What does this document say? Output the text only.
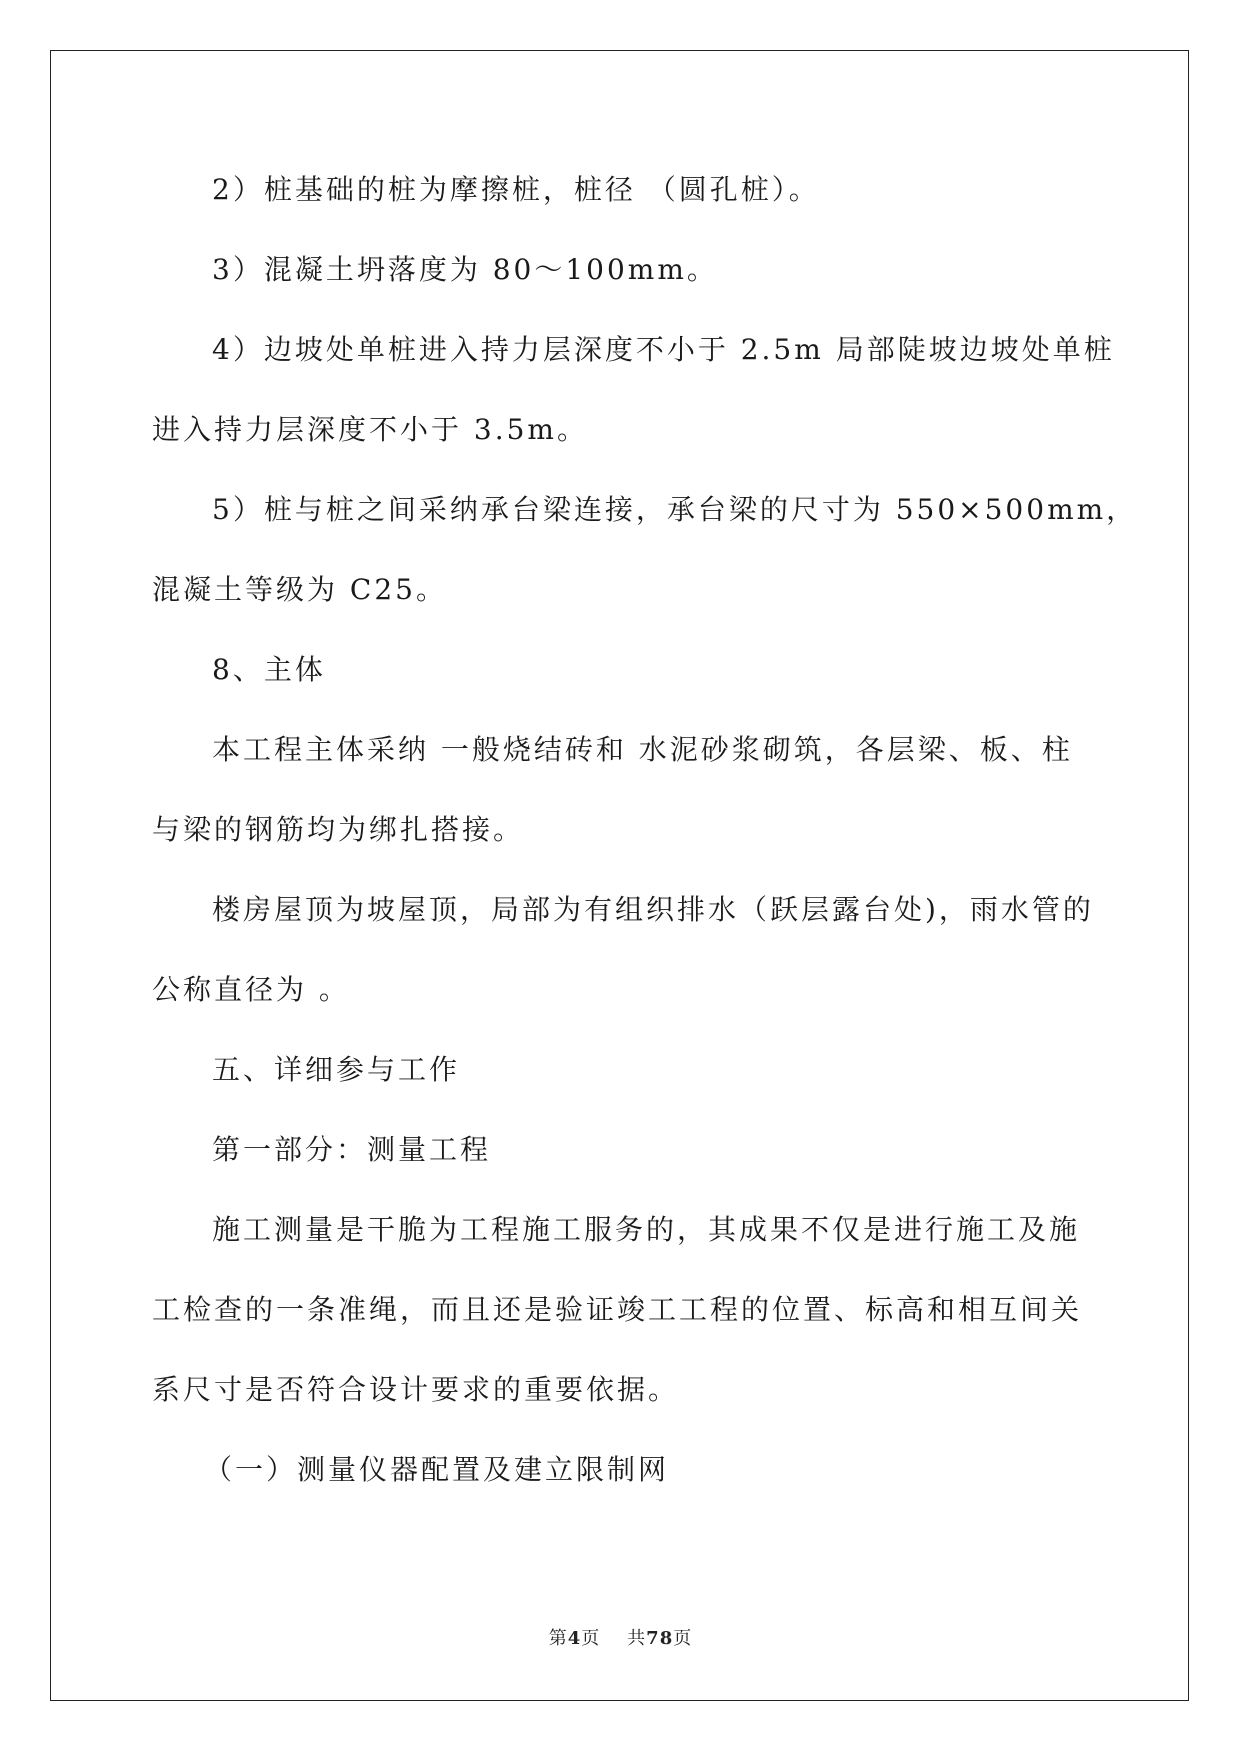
2）桩基础的桩为摩擦桩，桩径 （圆孔桩）。

3）混凝土坍落度为 80～100mm。

4）边坡处单桩进入持力层深度不小于 2.5m 局部陡坡边坡处单桩

进入持力层深度不小于 3.5m。

5）桩与桩之间采纳承台梁连接，承台梁的尺寸为 550×500mm，

混凝土等级为 C25。

8、主体

本工程主体采纳 一般烧结砖和 水泥砂浆砌筑，各层梁、板、柱

与梁的钢筋均为绑扎搭接。

楼房屋顶为坡屋顶，局部为有组织排水（跃层露台处)，雨水管的

公称直径为 。

五、详细参与工作

第一部分：测量工程

施工测量是干脆为工程施工服务的，其成果不仅是进行施工及施

工检查的一条准绳，而且还是验证竣工工程的位置、标高和相互间关

系尺寸是否符合设计要求的重要依据。

（一）测量仪器配置及建立限制网

第4页 共78页
